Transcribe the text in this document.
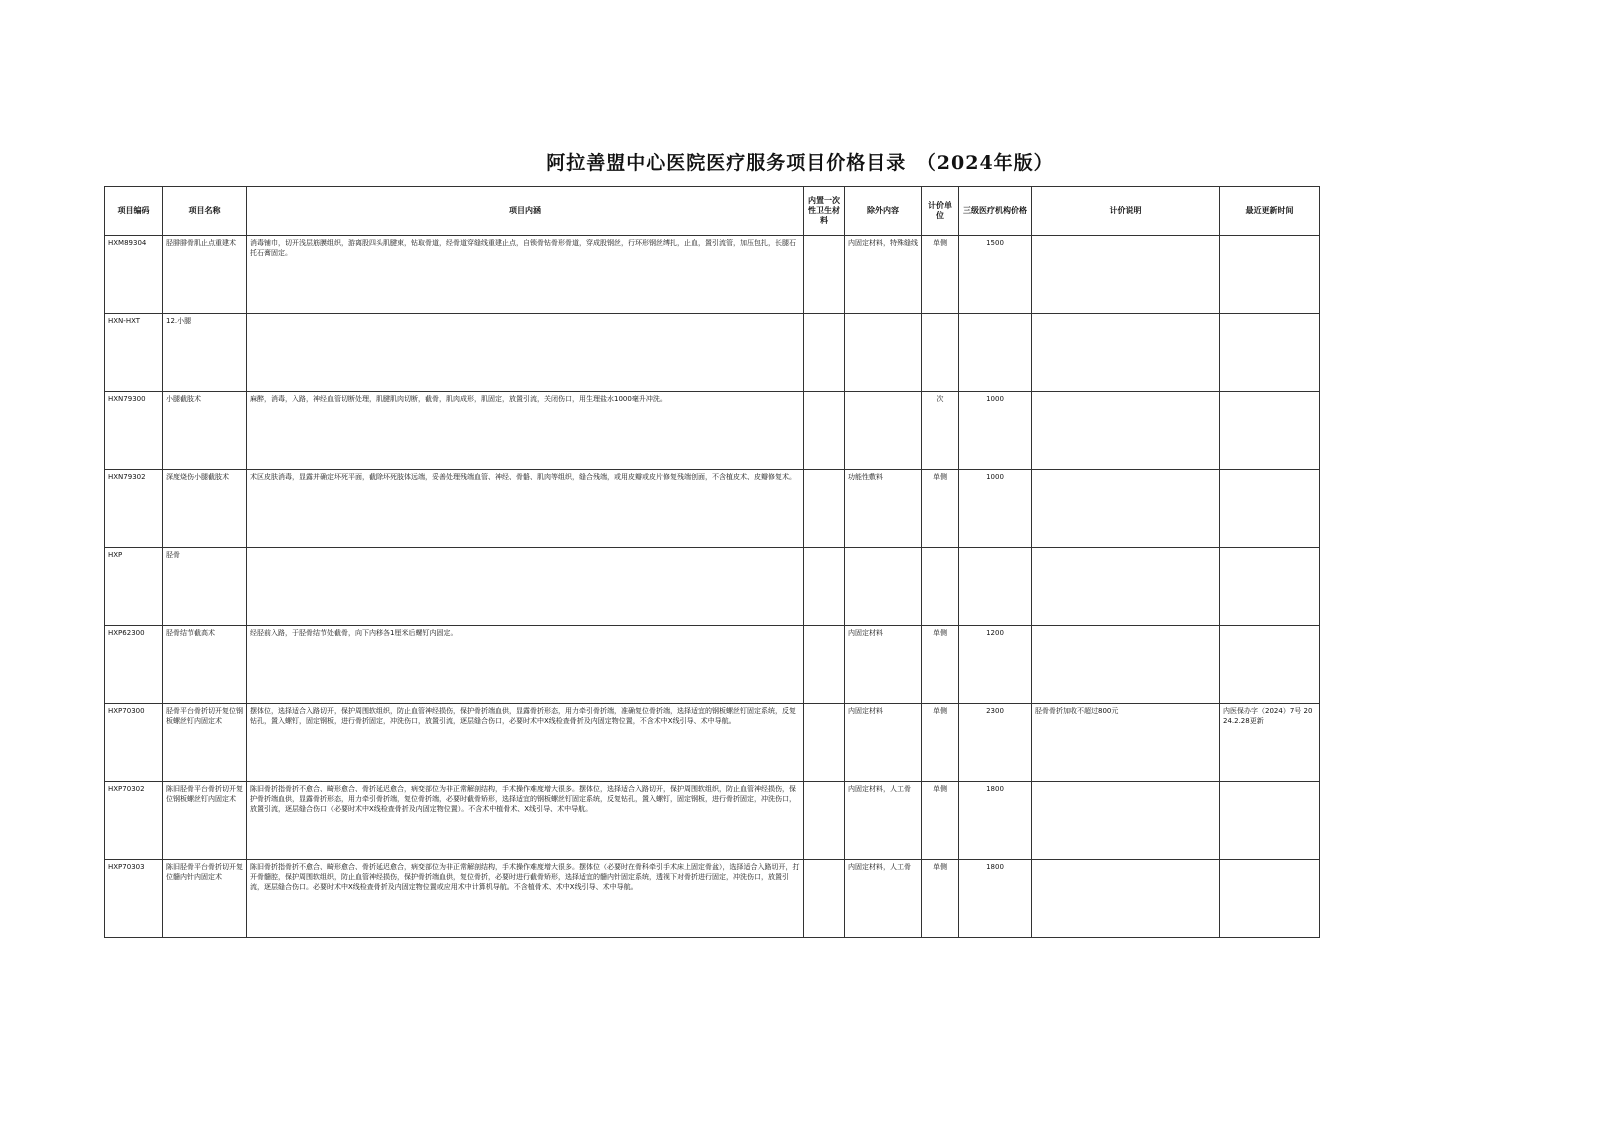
阿拉善盟中心医院医疗服务项目价格目录　（2024年版）
项目编码	项目名称	项目内涵	内置一次性卫生材料	除外内容	计价单位	三级医疗机构价格	计价说明	最近更新时间
HXM89304	胫腓腓骨肌止点重建术	消毒铺巾，切开浅层筋膜组织，游离股四头肌腱束，钻取骨道，经骨道穿缝线重建止点，自锁骨钻骨形骨道，穿成股钢丝，行环形钢丝缚扎，止血，置引流管，加压包扎，长腿石托石膏固定。		内固定材料，特殊缝线	单侧	1500		
HXN-HXT	12.小腿							
HXN79300	小腿截肢术	麻醉，消毒，入路，神经血管切断处理，肌腱肌肉切断，截骨，肌肉成形，肌固定，放置引流，关闭伤口，用生理盐水1000毫升冲洗。			次	1000		
HXN79302	深度烧伤小腿截肢术	术区皮肤消毒，显露并确定坏死平面，截除坏死肢体远端，妥善处理残端血管、神经、骨骼、肌肉等组织，缝合残端，或用皮瓣或皮片修复残端创面，不含植皮术、皮瓣修复术。		功能性敷料	单侧	1000		
HXP	胫骨							
HXP62300	胫骨结节截高术	经胫前入路，于胫骨结节处截骨，向下内移各1厘米后螺钉内固定。		内固定材料	单侧	1200		
HXP70300	胫骨平台骨折切开复位钢板螺丝钉内固定术	摆体位，选择适合入路切开，保护周围软组织，防止血管神经损伤，保护骨折端血供，显露骨折形态，用力牵引骨折端，准确复位骨折端，选择适宜的钢板螺丝钉固定系统，反复钻孔，置入螺钉，固定钢板，进行骨折固定，冲洗伤口，放置引流，逐层缝合伤口，必要时术中X线检查骨折及内固定物位置，不含术中X线引导、术中导航。		内固定材料	单侧	2300	胫骨骨折加收不超过800元	内医保办字（2024）7号 2024.2.28更新
HXP70302	陈旧胫骨平台骨折切开复位钢板螺丝钉内固定术	陈旧骨折指骨折不愈合、畸形愈合、骨折延迟愈合，病变部位为非正常解剖结构，手术操作难度增大很多。摆体位，选择适合入路切开，保护周围软组织，防止血管神经损伤，保护骨折端血供，显露骨折形态，用力牵引骨折端，复位骨折端，必要时截骨矫形，选择适宜的钢板螺丝钉固定系统，反复钻孔，置入螺钉，固定钢板，进行骨折固定，冲洗伤口，放置引流，逐层缝合伤口（必要时术中X线检查骨折及内固定物位置）。不含术中植骨术、X线引导、术中导航。		内固定材料，人工骨	单侧	1800		
HXP70303	陈旧胫骨平台骨折切开复位髓内针内固定术	陈旧骨折指骨折不愈合、畸形愈合、骨折延迟愈合，病变部位为非正常解剖结构，手术操作难度增大很多。摆体位（必要时在骨科牵引手术床上固定骨盆），选择适合入路切开，打开骨髓腔，保护周围软组织，防止血管神经损伤，保护骨折端血供，复位骨折，必要时进行截骨矫形，选择适宜的髓内针固定系统，透视下对骨折进行固定，冲洗伤口，放置引流，逐层缝合伤口。必要时术中X线检查骨折及内固定物位置或应用术中计算机导航。不含植骨术、术中X线引导、术中导航。		内固定材料，人工骨	单侧	1800		
